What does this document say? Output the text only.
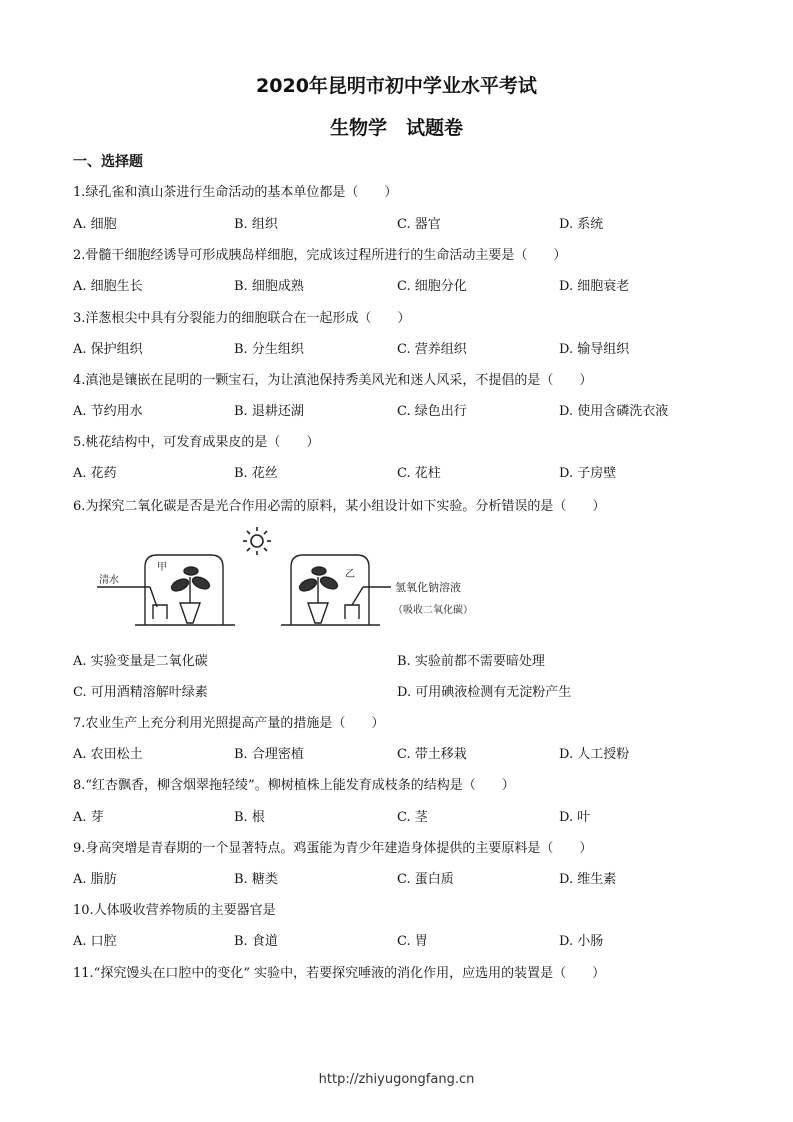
2020年昆明市初中学业水平考试
生物学　试题卷
一、选择题
1.绿孔雀和滇山茶进行生命活动的基本单位都是（　　）
A. 细胞	B. 组织	C. 器官	D. 系统
2.骨髓干细胞经诱导可形成胰岛样细胞，完成该过程所进行的生命活动主要是（　　）
A. 细胞生长	B. 细胞成熟	C. 细胞分化	D. 细胞衰老
3.洋葱根尖中具有分裂能力的细胞联合在一起形成（　　）
A. 保护组织	B. 分生组织	C. 营养组织	D. 输导组织
4.滇池是镶嵌在昆明的一颗宝石，为让滇池保持秀美风光和迷人风采，不提倡的是（　　）
A. 节约用水	B. 退耕还湖	C. 绿色出行	D. 使用含磷洗衣液
5.桃花结构中，可发育成果皮的是（　　）
A. 花药	B. 花丝	C. 花柱	D. 子房壁
6.为探究二氧化碳是否是光合作用必需的原料，某小组设计如下实验。分析错误的是（　　）
清水
甲
乙
氢氧化钠溶液
（吸收二氧化碳）
A. 实验变量是二氧化碳	B. 实验前都不需要暗处理
C. 可用酒精溶解叶绿素	D. 可用碘液检测有无淀粉产生
7.农业生产上充分利用光照提高产量的措施是（　　）
A. 农田松土	B. 合理密植	C. 带土移栽	D. 人工授粉
8.“红杏飘香，柳含烟翠拖轻绫”。柳树植株上能发育成枝条的结构是（　　）
A. 芽	B. 根	C. 茎	D. 叶
9.身高突增是青春期的一个显著特点。鸡蛋能为青少年建造身体提供的主要原料是（　　）
A. 脂肪	B. 糖类	C. 蛋白质	D. 维生素
10.人体吸收营养物质的主要器官是
A. 口腔	B. 食道	C. 胃	D. 小肠
11.“探究馒头在口腔中的变化” 实验中，若要探究唾液的消化作用，应选用的装置是（　　）
http://zhiyugongfang.cn
